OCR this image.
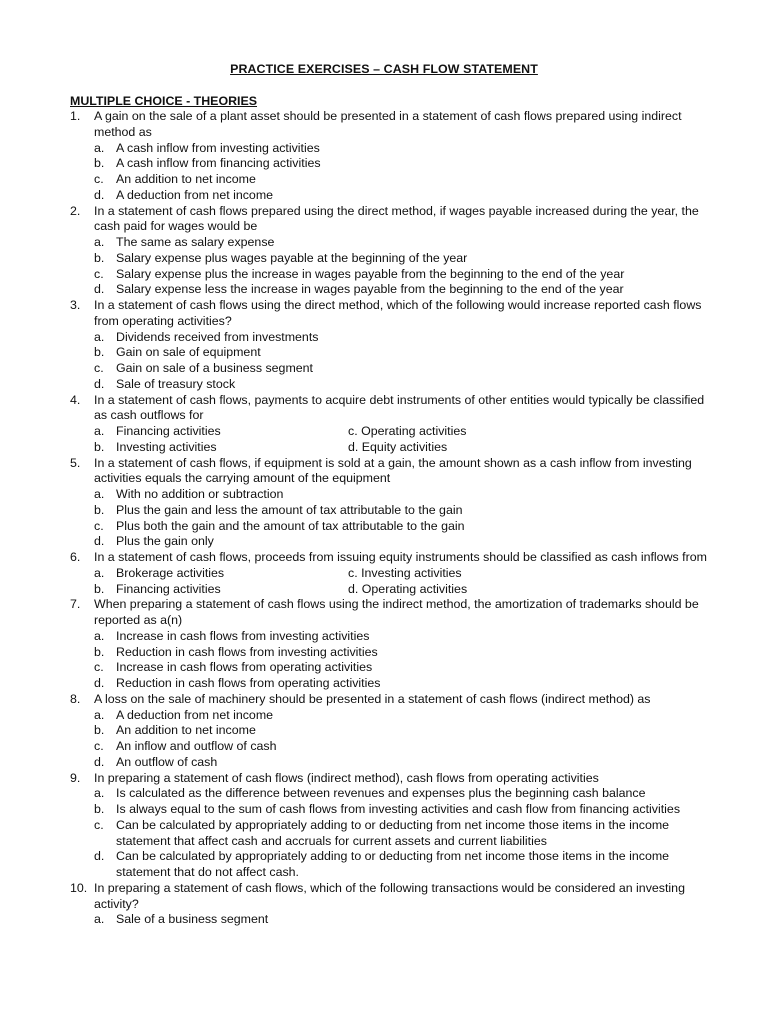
PRACTICE EXERCISES – CASH FLOW STATEMENT
MULTIPLE CHOICE - THEORIES
1. A gain on the sale of a plant asset should be presented in a statement of cash flows prepared using indirect method as
a. A cash inflow from investing activities
b. A cash inflow from financing activities
c. An addition to net income
d. A deduction from net income
2. In a statement of cash flows prepared using the direct method, if wages payable increased during the year, the cash paid for wages would be
a. The same as salary expense
b. Salary expense plus wages payable at the beginning of the year
c. Salary expense plus the increase in wages payable from the beginning to the end of the year
d. Salary expense less the increase in wages payable from the beginning to the end of the year
3. In a statement of cash flows using the direct method, which of the following would increase reported cash flows from operating activities?
a. Dividends received from investments
b. Gain on sale of equipment
c. Gain on sale of a business segment
d. Sale of treasury stock
4. In a statement of cash flows, payments to acquire debt instruments of other entities would typically be classified as cash outflows for
a. Financing activities	c. Operating activities
b. Investing activities	d. Equity activities
5. In a statement of cash flows, if equipment is sold at a gain, the amount shown as a cash inflow from investing activities equals the carrying amount of the equipment
a. With no addition or subtraction
b. Plus the gain and less the amount of tax attributable to the gain
c. Plus both the gain and the amount of tax attributable to the gain
d. Plus the gain only
6. In a statement of cash flows, proceeds from issuing equity instruments should be classified as cash inflows from
a. Brokerage activities	c. Investing activities
b. Financing activities	d. Operating activities
7. When preparing a statement of cash flows using the indirect method, the amortization of trademarks should be reported as a(n)
a. Increase in cash flows from investing activities
b. Reduction in cash flows from investing activities
c. Increase in cash flows from operating activities
d. Reduction in cash flows from operating activities
8. A loss on the sale of machinery should be presented in a statement of cash flows (indirect method) as
a. A deduction from net income
b. An addition to net income
c. An inflow and outflow of cash
d. An outflow of cash
9. In preparing a statement of cash flows (indirect method), cash flows from operating activities
a. Is calculated as the difference between revenues and expenses plus the beginning cash balance
b. Is always equal to the sum of cash flows from investing activities and cash flow from financing activities
c. Can be calculated by appropriately adding to or deducting from net income those items in the income statement that affect cash and accruals for current assets and current liabilities
d. Can be calculated by appropriately adding to or deducting from net income those items in the income statement that do not affect cash.
10. In preparing a statement of cash flows, which of the following transactions would be considered an investing activity?
a. Sale of a business segment
